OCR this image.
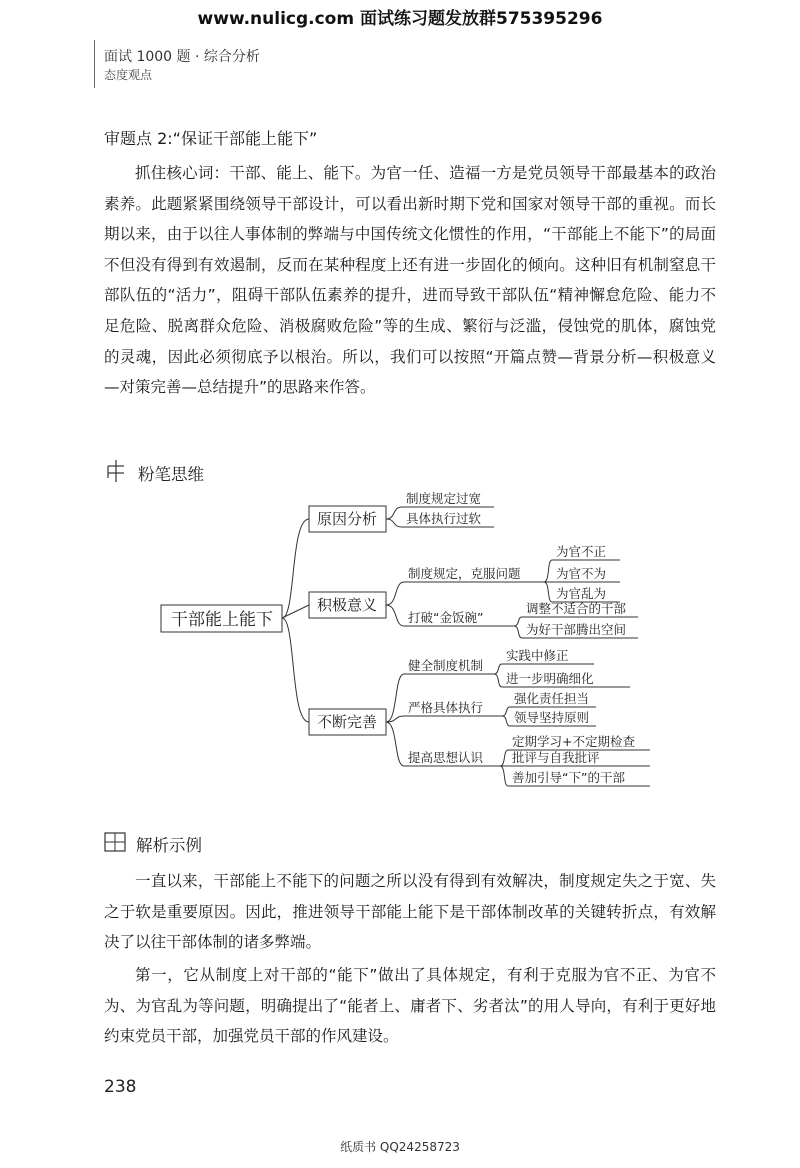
www.nulicg.com 面试练习题发放群575395296
面试 1000 题 · 综合分析
态度观点
审题点 2:“保证干部能上能下”
抓住核心词：干部、能上、能下。为官一任、造福一方是党员领导干部最基本的政治素养。此题紧紧围绕领导干部设计，可以看出新时期下党和国家对领导干部的重视。而长期以来，由于以往人事体制的弊端与中国传统文化惯性的作用，“干部能上不能下”的局面不但没有得到有效遏制，反而在某种程度上还有进一步固化的倾向。这种旧有机制窒息干部队伍的“活力”，阻碍干部队伍素养的提升，进而导致干部队伍“精神懈怠危险、能力不足危险、脱离群众危险、消极腐败危险”等的生成、繁衍与泛滥，侵蚀党的肌体，腐蚀党的灵魂，因此必须彻底予以根治。所以，我们可以按照“开篇点赞—背景分析—积极意义—对策完善—总结提升”的思路来作答。
粉笔思维
干部能上能下
原因分析
积极意义
不断完善
制度规定过宽
具体执行过软
制度规定，克服问题
为官不正
为官不为
为官乱为
打破“金饭碗”
调整不适合的干部
为好干部腾出空间
健全制度机制
实践中修正
进一步明确细化
严格具体执行
强化责任担当
领导坚持原则
提高思想认识
定期学习+不定期检查
批评与自我批评
善加引导“下”的干部
解析示例
一直以来，干部能上不能下的问题之所以没有得到有效解决，制度规定失之于宽、失之于软是重要原因。因此，推进领导干部能上能下是干部体制改革的关键转折点，有效解决了以往干部体制的诸多弊端。
第一，它从制度上对干部的“能下”做出了具体规定，有利于克服为官不正、为官不为、为官乱为等问题，明确提出了“能者上、庸者下、劣者汰”的用人导向，有利于更好地约束党员干部，加强党员干部的作风建设。
238
纸质书 QQ24258723
